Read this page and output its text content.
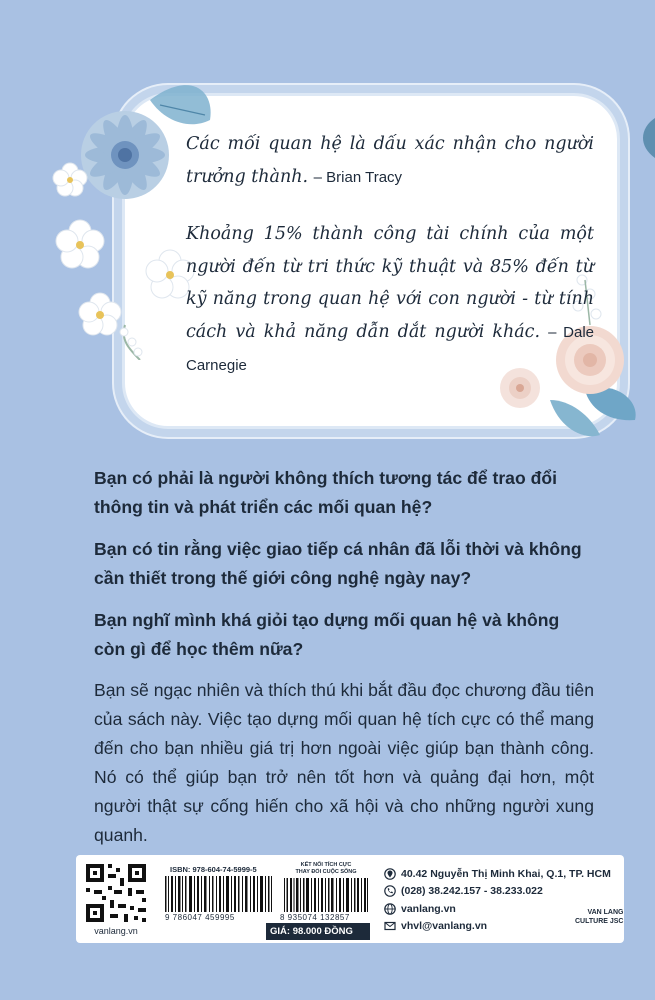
Các mối quan hệ là dấu xác nhận cho người trưởng thành. – Brian Tracy
Khoảng 15% thành công tài chính của một người đến từ tri thức kỹ thuật và 85% đến từ kỹ năng trong quan hệ với con người - từ tính cách và khả năng dẫn dắt người khác. – Dale Carnegie

Bạn có phải là người không thích tương tác để trao đổi thông tin và phát triển các mối quan hệ?

Bạn có tin rằng việc giao tiếp cá nhân đã lỗi thời và không cần thiết trong thế giới công nghệ ngày nay?

Bạn nghĩ mình khá giỏi tạo dựng mối quan hệ và không còn gì để học thêm nữa?

Bạn sẽ ngạc nhiên và thích thú khi bắt đầu đọc chương đầu tiên của sách này. Việc tạo dựng mối quan hệ tích cực có thể mang đến cho bạn nhiều giá trị hơn ngoài việc giúp bạn thành công. Nó có thể giúp bạn trở nên tốt hơn và quảng đại hơn, một người thật sự cống hiến cho xã hội và cho những người xung quanh.

vanlang.vn
ISBN: 978-604-74-5999-5
9 786047 459995
KẾT NỐI TÍCH CỰC
THAY ĐỔI CUỘC SỐNG
8 935074 132857
GIÁ: 98.000 ĐỒNG
40.42 Nguyễn Thị Minh Khai, Q.1, TP. HCM
(028) 38.242.157 - 38.233.022
vanlang.vn
vhvl@vanlang.vn
VAN LANG
CULTURE JSC
